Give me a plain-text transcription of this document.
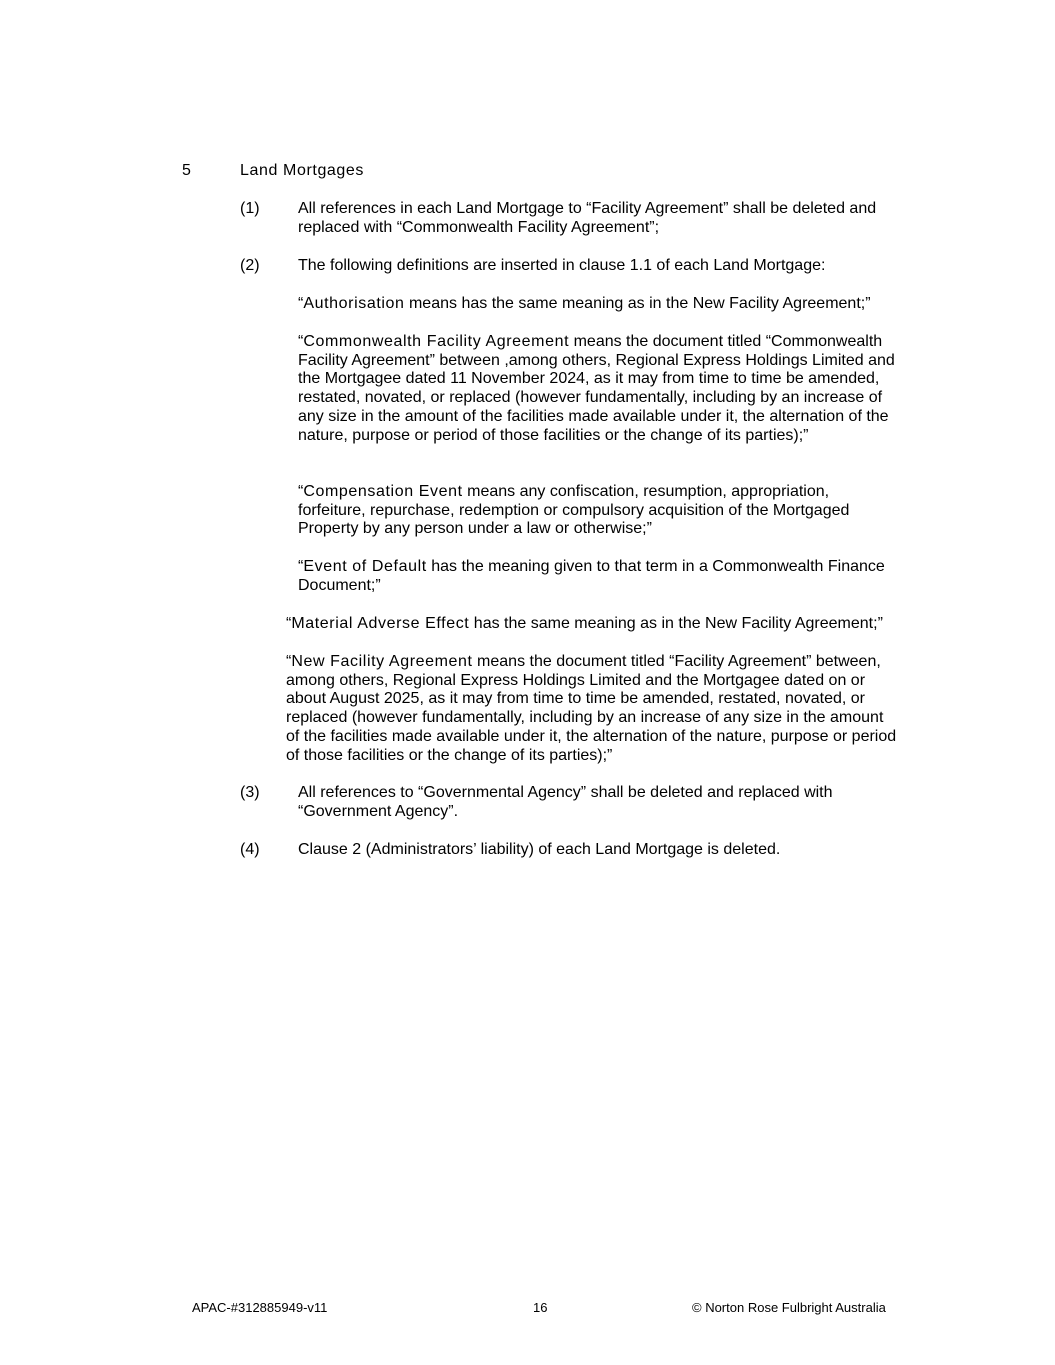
5	Land Mortgages
(1) All references in each Land Mortgage to “Facility Agreement” shall be deleted and replaced with “Commonwealth Facility Agreement”;
(2) The following definitions are inserted in clause 1.1 of each Land Mortgage:
“Authorisation means has the same meaning as in the New Facility Agreement;”
“Commonwealth Facility Agreement means the document titled “Commonwealth Facility Agreement” between ,among others, Regional Express Holdings Limited and the Mortgagee dated 11 November 2024, as it may from time to time be amended, restated, novated, or replaced (however fundamentally, including by an increase of any size in the amount of the facilities made available under it, the alternation of the nature, purpose or period of those facilities or the change of its parties);”
“Compensation Event means any confiscation, resumption, appropriation, forfeiture, repurchase, redemption or compulsory acquisition of the Mortgaged Property by any person under a law or otherwise;”
“Event of Default has the meaning given to that term in a Commonwealth Finance Document;”
“Material Adverse Effect has the same meaning as in the New Facility Agreement;”
“New Facility Agreement means the document titled “Facility Agreement” between, among others, Regional Express Holdings Limited and the Mortgagee dated on or about August 2025, as it may from time to time be amended, restated, novated, or replaced (however fundamentally, including by an increase of any size in the amount of the facilities made available under it, the alternation of the nature, purpose or period of those facilities or the change of its parties);”
(3) All references to “Governmental Agency” shall be deleted and replaced with “Government Agency”.
(4) Clause 2 (Administrators’ liability) of each Land Mortgage is deleted.
APAC-#312885949-v11	16	© Norton Rose Fulbright Australia
